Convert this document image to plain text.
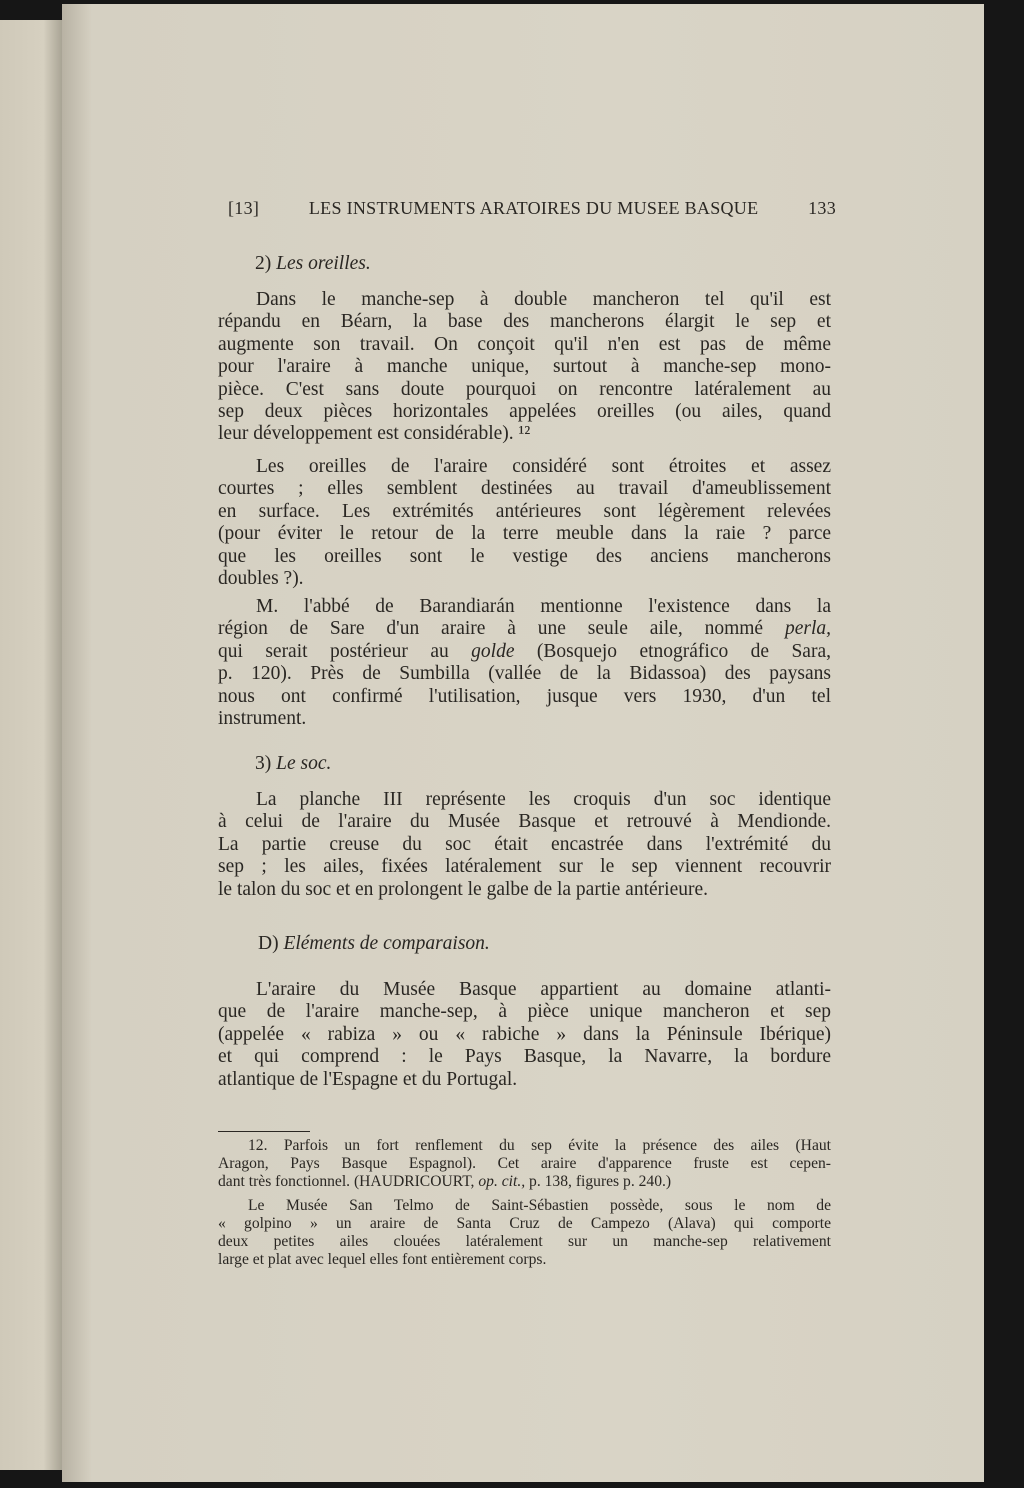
[13]	LES INSTRUMENTS ARATOIRES DU MUSEE BASQUE	133
2) Les oreilles.
Dans le manche-sep à double mancheron tel qu'il est
répandu en Béarn, la base des mancherons élargit le sep et
augmente son travail. On conçoit qu'il n'en est pas de même
pour l'araire à manche unique, surtout à manche-sep mono-
pièce. C'est sans doute pourquoi on rencontre latéralement au
sep deux pièces horizontales appelées oreilles (ou ailes, quand
leur développement est considérable). ¹²
Les oreilles de l'araire considéré sont étroites et assez
courtes ; elles semblent destinées au travail d'ameublissement
en surface. Les extrémités antérieures sont légèrement relevées
(pour éviter le retour de la terre meuble dans la raie ? parce
que les oreilles sont le vestige des anciens mancherons
doubles ?).
M. l'abbé de Barandiarán mentionne l'existence dans la
région de Sare d'un araire à une seule aile, nommé perla,
qui serait postérieur au golde (Bosquejo etnográfico de Sara,
p. 120). Près de Sumbilla (vallée de la Bidassoa) des paysans
nous ont confirmé l'utilisation, jusque vers 1930, d'un tel
instrument.
3) Le soc.
La planche III représente les croquis d'un soc identique
à celui de l'araire du Musée Basque et retrouvé à Mendionde.
La partie creuse du soc était encastrée dans l'extrémité du
sep ; les ailes, fixées latéralement sur le sep viennent recouvrir
le talon du soc et en prolongent le galbe de la partie antérieure.
D) Eléments de comparaison.
L'araire du Musée Basque appartient au domaine atlanti-
que de l'araire manche-sep, à pièce unique mancheron et sep
(appelée « rabiza » ou « rabiche » dans la Péninsule Ibérique)
et qui comprend : le Pays Basque, la Navarre, la bordure
atlantique de l'Espagne et du Portugal.
12. Parfois un fort renflement du sep évite la présence des ailes (Haut
Aragon, Pays Basque Espagnol). Cet araire d'apparence fruste est cepen-
dant très fonctionnel. (HAUDRICOURT, op. cit., p. 138, figures p. 240.)
Le Musée San Telmo de Saint-Sébastien possède, sous le nom de
« golpino » un araire de Santa Cruz de Campezo (Alava) qui comporte
deux petites ailes clouées latéralement sur un manche-sep relativement
large et plat avec lequel elles font entièrement corps.
